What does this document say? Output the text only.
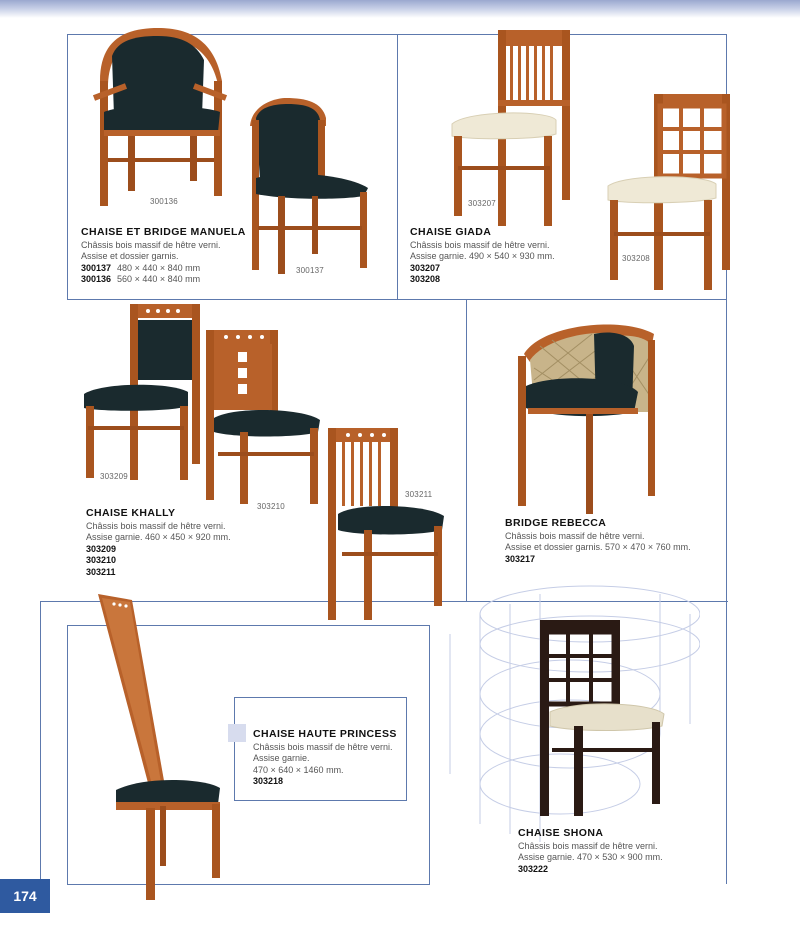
300136
300137
CHAISE ET BRIDGE MANUELA
Châssis bois massif de hêtre verni.
Assise et dossier garnis.
300137 480 × 440 × 840 mm
300136 560 × 440 × 840 mm
303207
303208
CHAISE GIADA
Châssis bois massif de hêtre verni.
Assise garnie. 490 × 540 × 930 mm.
303207
303208
303209
303210
303211
CHAISE KHALLY
Châssis bois massif de hêtre verni.
Assise garnie. 460 × 450 × 920 mm.
303209
303210
303211
BRIDGE REBECCA
Châssis bois massif de hêtre verni.
Assise et dossier garnis. 570 × 470 × 760 mm.
303217
CHAISE HAUTE PRINCESS
Châssis bois massif de hêtre verni.
Assise garnie.
470 × 640 × 1460 mm.
303218
CHAISE SHONA
Châssis bois massif de hêtre verni.
Assise garnie. 470 × 530 × 900 mm.
303222
174
